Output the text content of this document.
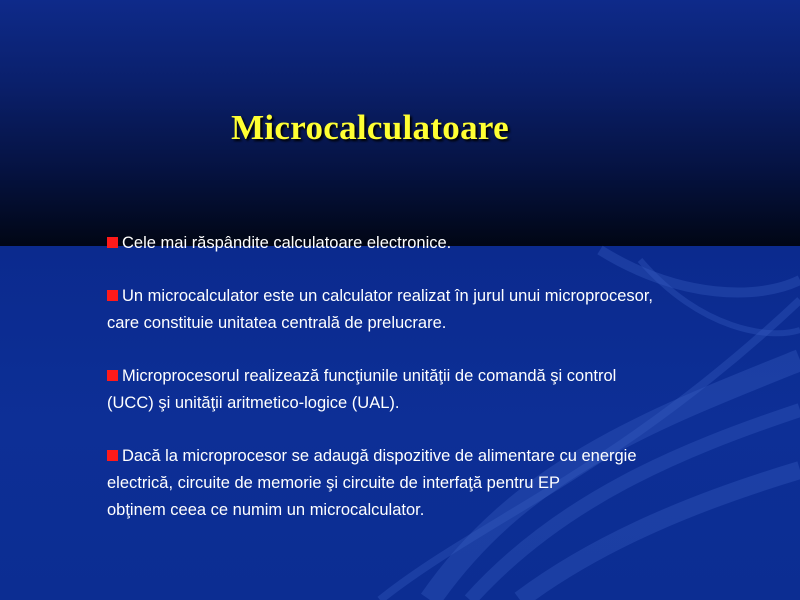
Microcalculatoare
Cele mai răspândite calculatoare electronice.
Un microcalculator este un calculator realizat în jurul unui microprocesor,
care constituie unitatea centrală de prelucrare.
Microprocesorul realizează funcţiunile unităţii de comandă şi control
(UCC) şi unităţii aritmetico-logice (UAL).
Dacă la microprocesor se adaugă dispozitive de alimentare cu energie
electrică, circuite de memorie şi circuite de interfaţă pentru EP
obţinem ceea ce numim un microcalculator.
